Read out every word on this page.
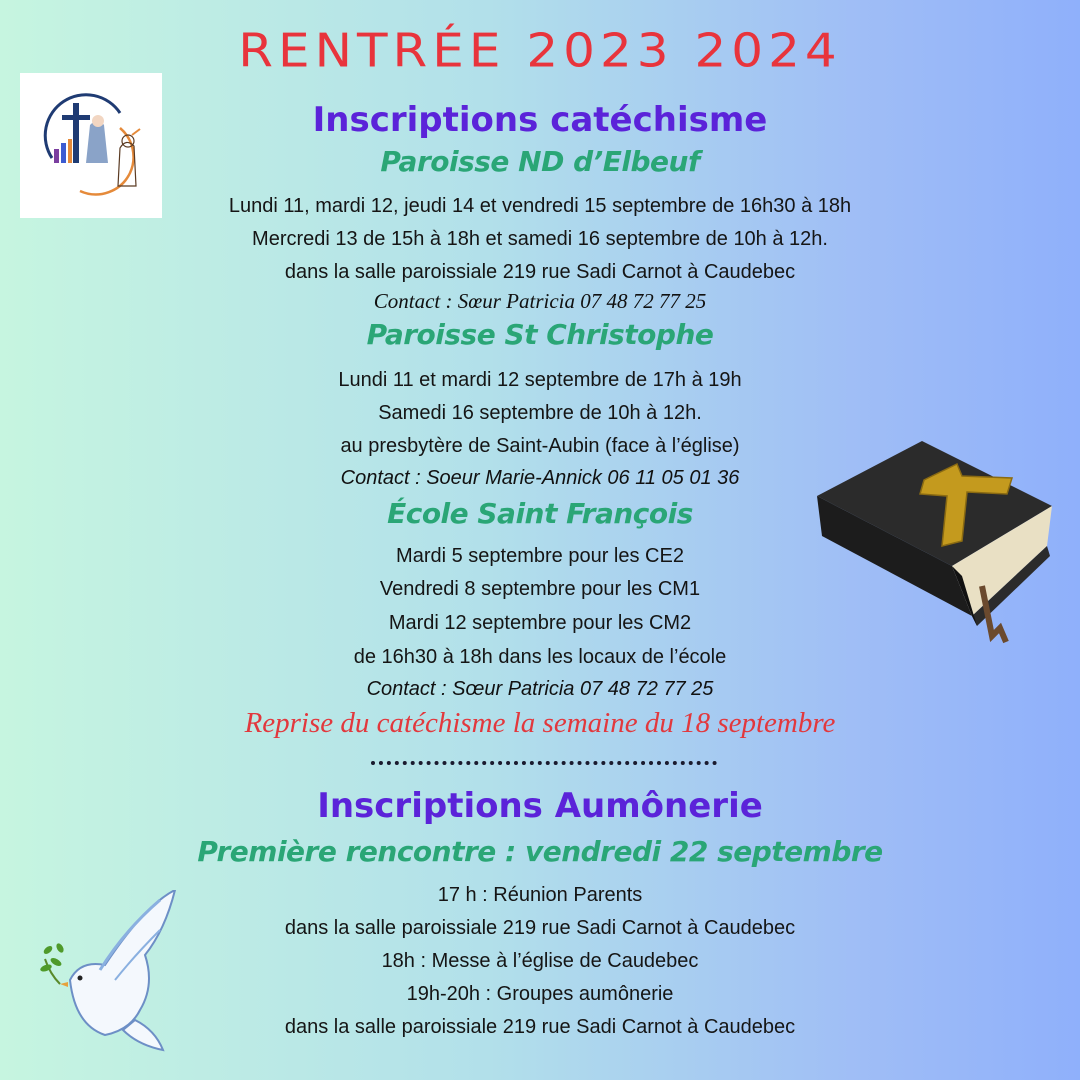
RENTRÉE 2023 2024
Inscriptions catéchisme
Paroisse ND d’Elbeuf

Lundi 11, mardi 12, jeudi 14 et vendredi 15 septembre de 16h30 à 18h

Mercredi 13 de 15h à 18h et samedi 16 septembre de 10h à 12h.

dans la salle paroissiale 219 rue Sadi Carnot à Caudebec

Contact : Sœur Patricia 07 48 72 77 25

Paroisse St Christophe

Lundi 11 et mardi 12 septembre de 17h à 19h

Samedi 16 septembre de 10h à 12h.

au presbytère de Saint-Aubin (face à l’église)

Contact : Soeur Marie-Annick 06 11 05 01 36

École Saint François

Mardi 5 septembre pour les CE2

Vendredi 8 septembre pour les CM1

Mardi 12 septembre pour les CM2

de 16h30 à 18h dans les locaux de l’école

Contact : Sœur Patricia 07 48 72 77 25

Reprise du catéchisme la semaine du 18 septembre

Inscriptions Aumônerie
Première rencontre : vendredi 22 septembre

17 h : Réunion Parents

dans la salle paroissiale 219 rue Sadi Carnot à Caudebec

18h : Messe à l’église de Caudebec

19h-20h : Groupes aumônerie

dans la salle paroissiale 219 rue Sadi Carnot à Caudebec
